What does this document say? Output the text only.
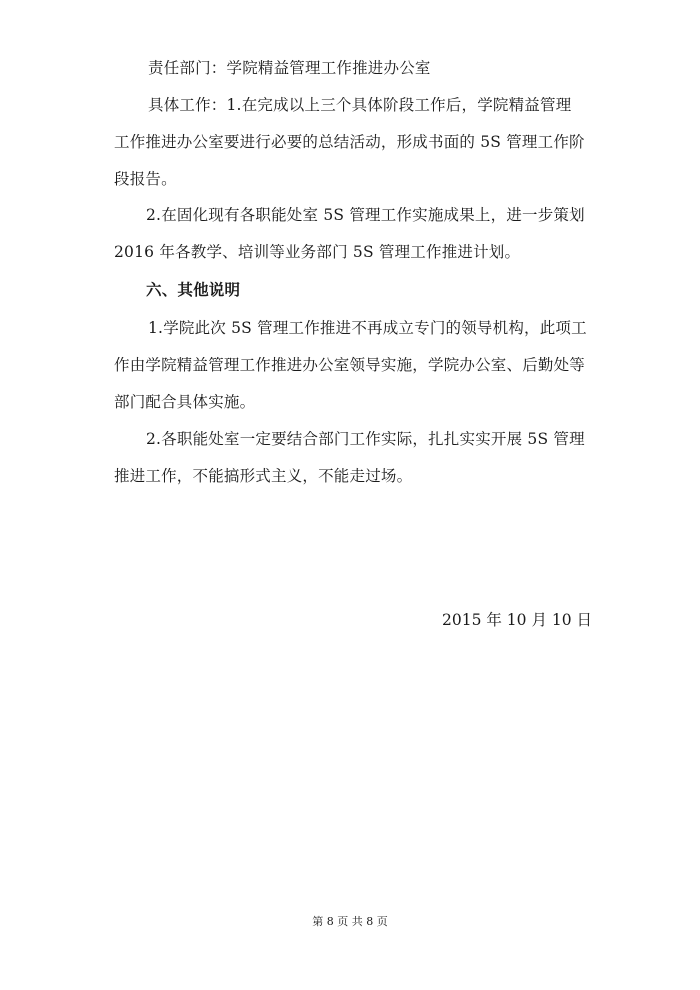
责任部门：学院精益管理工作推进办公室
具体工作：1.在完成以上三个具体阶段工作后，学院精益管理
工作推进办公室要进行必要的总结活动，形成书面的 5S 管理工作阶
段报告。
2.在固化现有各职能处室 5S 管理工作实施成果上，进一步策划
2016 年各教学、培训等业务部门 5S 管理工作推进计划。
六、其他说明
1.学院此次 5S 管理工作推进不再成立专门的领导机构，此项工
作由学院精益管理工作推进办公室领导实施，学院办公室、后勤处等
部门配合具体实施。
2.各职能处室一定要结合部门工作实际，扎扎实实开展 5S 管理
推进工作，不能搞形式主义，不能走过场。
2015 年 10 月 10 日
第 8 页 共 8 页
